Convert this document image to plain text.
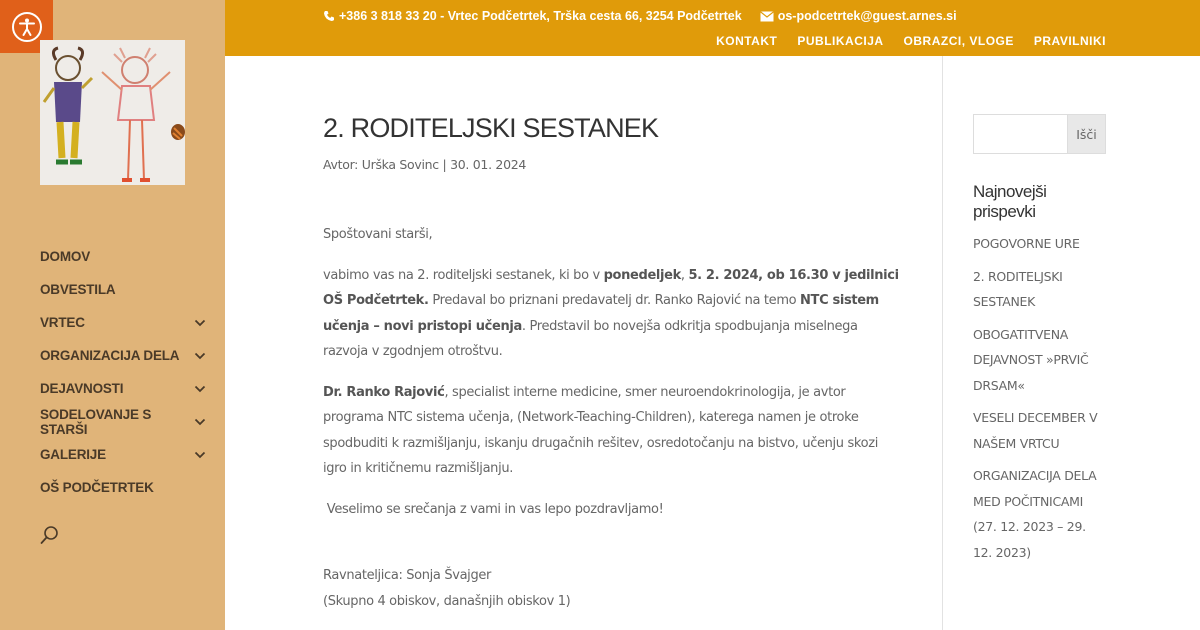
DOMOV
OBVESTILA
VRTEC
ORGANIZACIJA DELA
DEJAVNOSTI
SODELOVANJE S STARŠI
GALERIJE
OŠ PODČETRTEK
+386 3 818 33 20 - Vrtec Podčetrtek, Trška cesta 66, 3254 Podčetrtek	os-podcetrtek@guest.arnes.si
KONTAKT PUBLIKACIJA OBRAZCI, VLOGE PRAVILNIKI
2. RODITELJSKI SESTANEK
Avtor: Urška Sovinc | 30. 01. 2024

Spoštovani starši,

vabimo vas na 2. roditeljski sestanek, ki bo v ponedeljek, 5. 2. 2024, ob 16.30 v jedilnici OŠ Podčetrtek. Predaval bo priznani predavatelj dr. Ranko Rajović na temo NTC sistem učenja – novi pristopi učenja. Predstavil bo novejša odkritja spodbujanja miselnega razvoja v zgodnjem otroštvu.

Dr. Ranko Rajović, specialist interne medicine, smer neuroendokrinologija, je avtor programa NTC sistema učenja, (Network-Teaching-Children), katerega namen je otroke spodbuditi k razmišljanju, iskanju drugačnih rešitev, osredotočanju na bistvo, učenju skozi igro in kritičnemu razmišljanju.

Veselimo se srečanja z vami in vas lepo pozdravljamo!

Ravnateljica: Sonja Švajger

(Skupno 4 obiskov, današnjih obiskov 1)

Išči
Najnovejši prispevki
POGOVORNE URE
2. RODITELJSKI SESTANEK
OBOGATITVENA DEJAVNOST »PRVIČ DRSAM«
VESELI DECEMBER V NAŠEM VRTCU
ORGANIZACIJA DELA MED POČITNICAMI (27. 12. 2023 – 29. 12. 2023)
